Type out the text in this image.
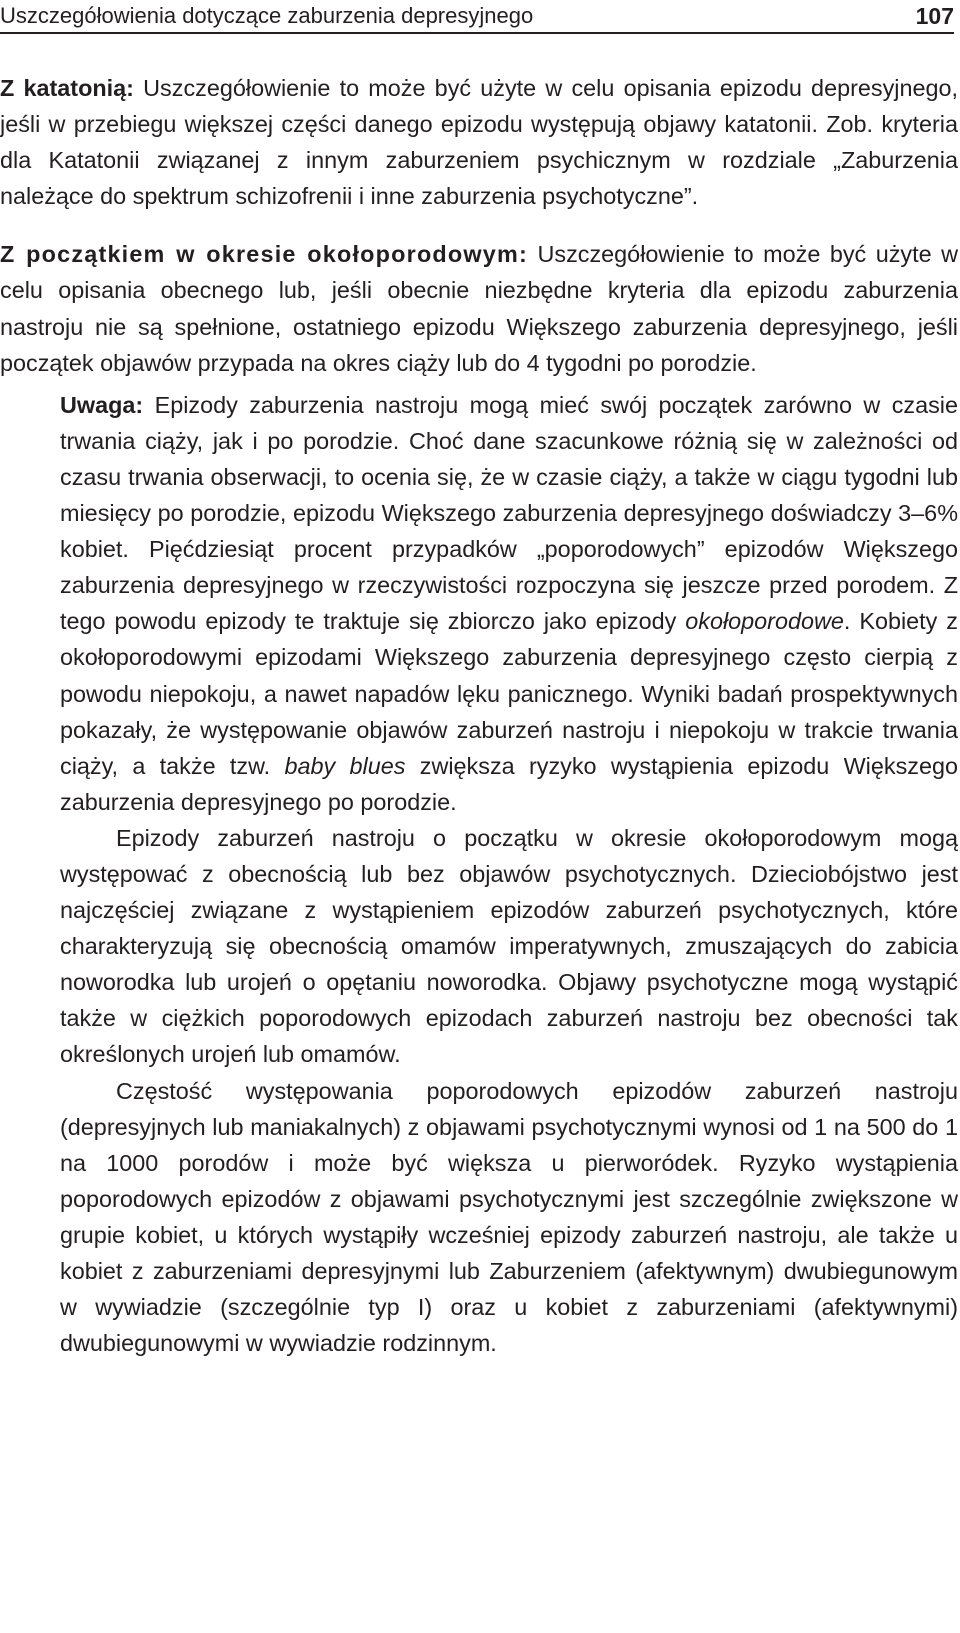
Uszczegółowienia dotyczące zaburzenia depresyjnego	107

Z katatonią: Uszczegółowienie to może być użyte w celu opisania epizodu depresyjnego, jeśli w przebiegu większej części danego epizodu występują objawy katatonii. Zob. kryteria dla Katatonii związanej z innym zaburzeniem psychicznym w rozdziale „Zaburzenia należące do spektrum schizofrenii i inne zaburzenia psychotyczne”.

Z początkiem w okresie okołoporodowym: Uszczegółowienie to może być użyte w celu opisania obecnego lub, jeśli obecnie niezbędne kryteria dla epizodu zaburzenia nastroju nie są spełnione, ostatniego epizodu Większego zaburzenia depresyjnego, jeśli początek objawów przypada na okres ciąży lub do 4 tygodni po porodzie.

Uwaga: Epizody zaburzenia nastroju mogą mieć swój początek zarówno w czasie trwania ciąży, jak i po porodzie. Choć dane szacunkowe różnią się w zależności od czasu trwania obserwacji, to ocenia się, że w czasie ciąży, a także w ciągu tygodni lub miesięcy po porodzie, epizodu Większego zaburzenia depresyjnego doświadczy 3–6% kobiet. Pięćdziesiąt procent przypadków „poporodowych” epizodów Większego zaburzenia depresyjnego w rzeczywistości rozpoczyna się jeszcze przed porodem. Z tego powodu epizody te traktuje się zbiorczo jako epizody okołoporodowe. Kobiety z okołoporodowymi epizodami Większego zaburzenia depresyjnego często cierpią z powodu niepokoju, a nawet napadów lęku panicznego. Wyniki badań prospektywnych pokazały, że występowanie objawów zaburzeń nastroju i niepokoju w trakcie trwania ciąży, a także tzw. baby blues zwiększa ryzyko wystąpienia epizodu Większego zaburzenia depresyjnego po porodzie.

Epizody zaburzeń nastroju o początku w okresie okołoporodowym mogą występować z obecnością lub bez objawów psychotycznych. Dzieciobójstwo jest najczęściej związane z wystąpieniem epizodów zaburzeń psychotycznych, które charakteryzują się obecnością omamów imperatywnych, zmuszających do zabicia noworodka lub urojeń o opętaniu noworodka. Objawy psychotyczne mogą wystąpić także w ciężkich poporodowych epizodach zaburzeń nastroju bez obecności tak określonych urojeń lub omamów.

Częstość występowania poporodowych epizodów zaburzeń nastroju (depresyjnych lub maniakalnych) z objawami psychotycznymi wynosi od 1 na 500 do 1 na 1000 porodów i może być większa u pierworódek. Ryzyko wystąpienia poporodowych epizodów z objawami psychotycznymi jest szczególnie zwiększone w grupie kobiet, u których wystąpiły wcześniej epizody zaburzeń nastroju, ale także u kobiet z zaburzeniami depresyjnymi lub Zaburzeniem (afektywnym) dwubiegunowym w wywiadzie (szczególnie typ I) oraz u kobiet z zaburzeniami (afektywnymi) dwubiegunowymi w wywiadzie rodzinnym.
